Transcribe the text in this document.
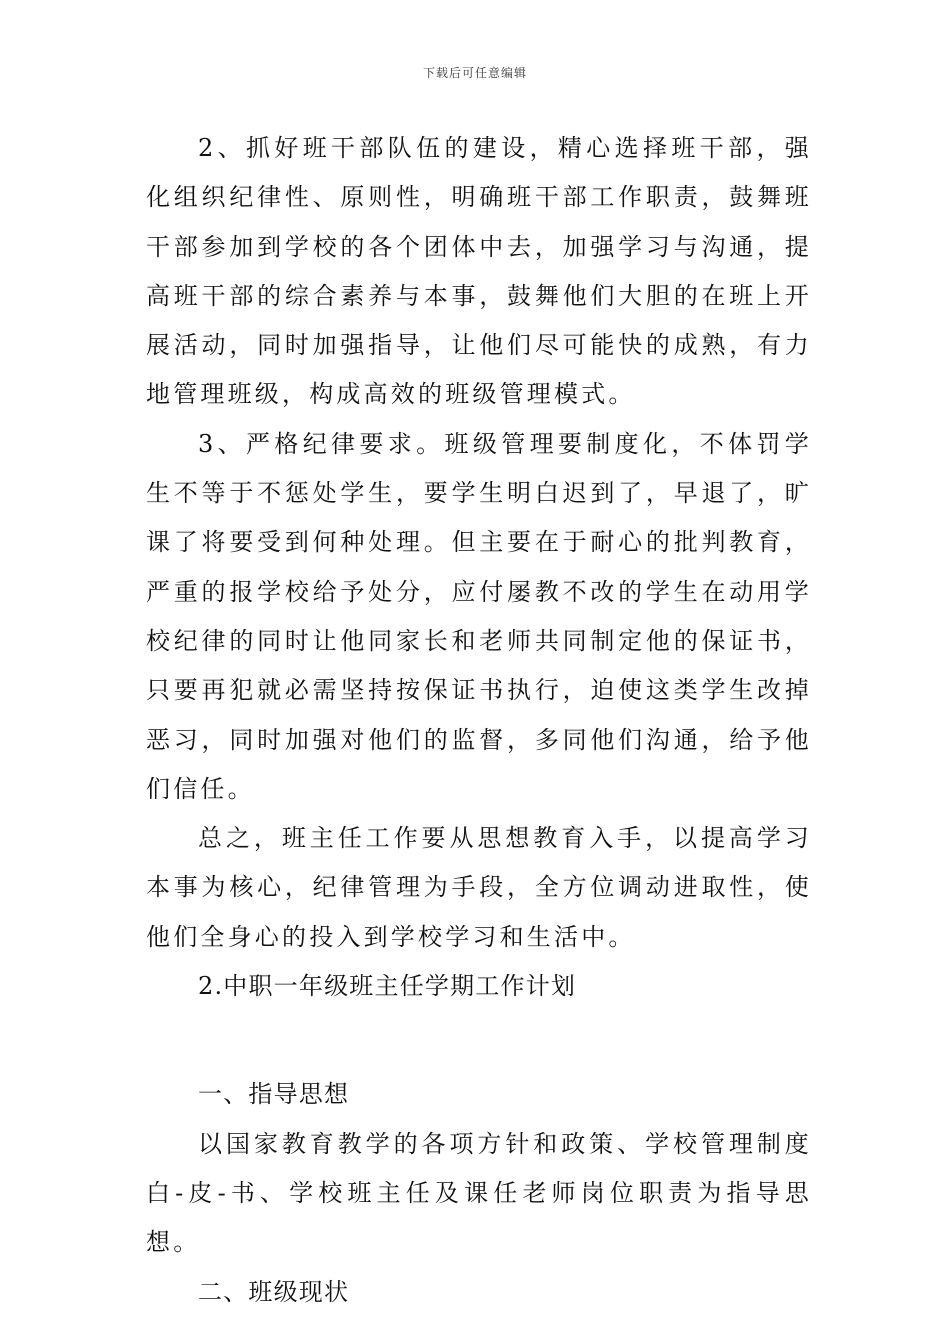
下载后可任意编辑

2、抓好班干部队伍的建设，精心选择班干部，强化组织纪律性、原则性，明确班干部工作职责，鼓舞班干部参加到学校的各个团体中去，加强学习与沟通，提高班干部的综合素养与本事，鼓舞他们大胆的在班上开展活动，同时加强指导，让他们尽可能快的成熟，有力地管理班级，构成高效的班级管理模式。

3、严格纪律要求。班级管理要制度化，不体罚学生不等于不惩处学生，要学生明白迟到了，早退了，旷课了将要受到何种处理。但主要在于耐心的批判教育，严重的报学校给予处分，应付屡教不改的学生在动用学校纪律的同时让他同家长和老师共同制定他的保证书，只要再犯就必需坚持按保证书执行，迫使这类学生改掉恶习，同时加强对他们的监督，多同他们沟通，给予他们信任。

总之，班主任工作要从思想教育入手，以提高学习本事为核心，纪律管理为手段，全方位调动进取性，使他们全身心的投入到学校学习和生活中。

2.中职一年级班主任学期工作计划

一、指导思想

以国家教育教学的各项方针和政策、学校管理制度白-皮-书、学校班主任及课任老师岗位职责为指导思想。

二、班级现状
